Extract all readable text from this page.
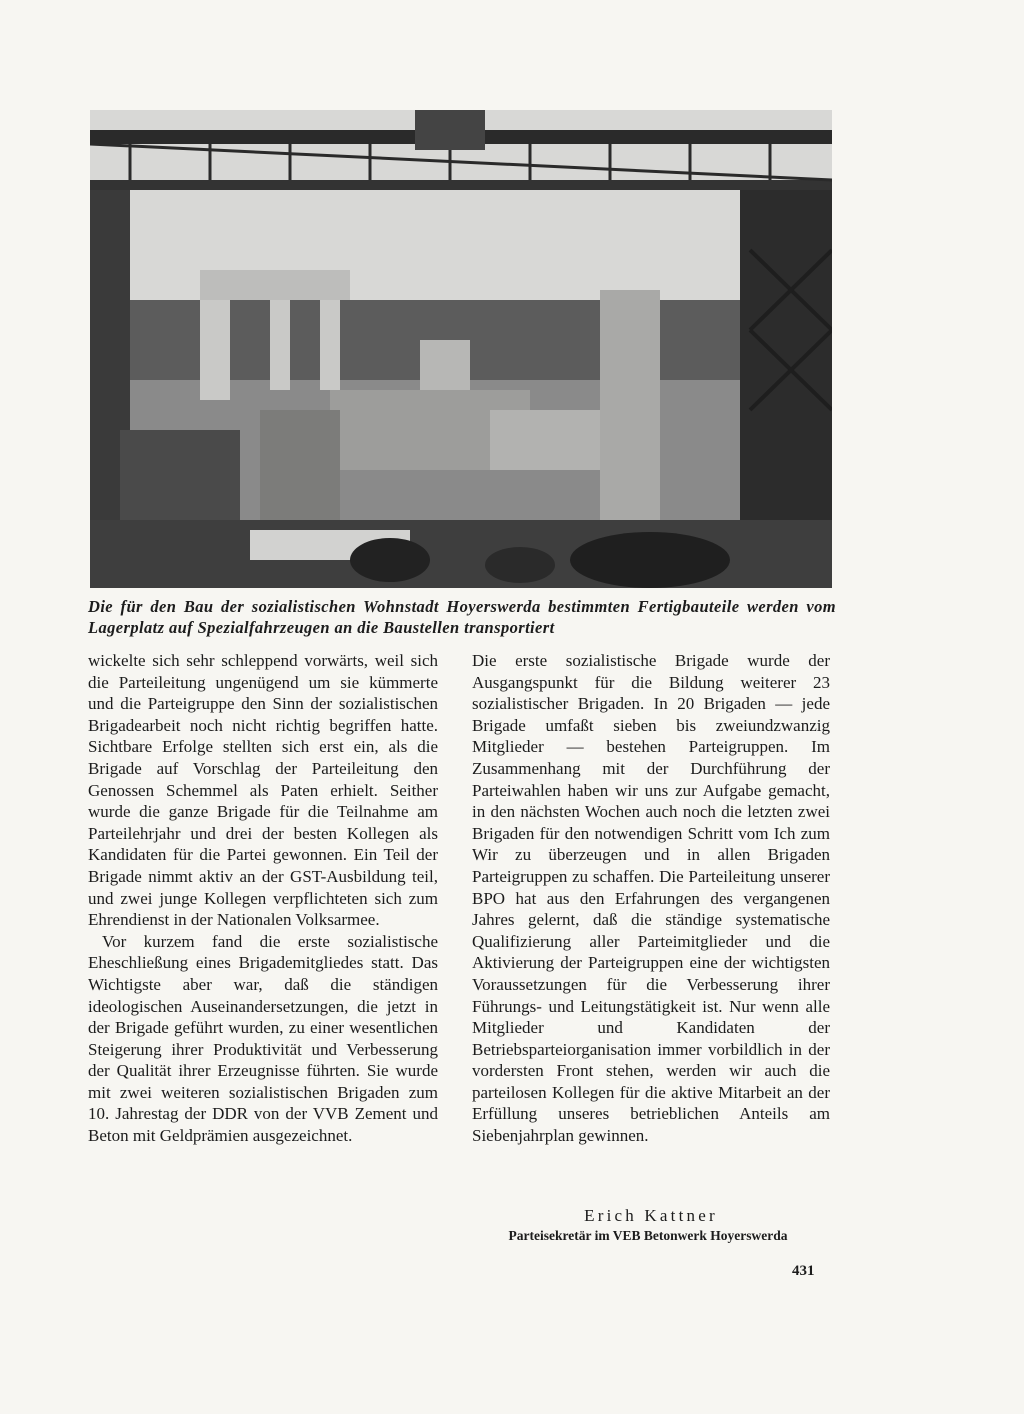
Die für den Bau der sozialistischen Wohnstadt Hoyerswerda bestimmten Fertigbauteile werden vom Lagerplatz auf Spezialfahrzeugen an die Baustellen transportiert

wickelte sich sehr schleppend vorwärts, weil sich die Parteileitung ungenügend um sie kümmerte und die Parteigruppe den Sinn der sozialistischen Brigadearbeit noch nicht richtig begriffen hatte. Sichtbare Erfolge stellten sich erst ein, als die Brigade auf Vorschlag der Parteileitung den Genossen Schemmel als Paten erhielt. Seither wurde die ganze Brigade für die Teilnahme am Parteilehrjahr und drei der besten Kollegen als Kandidaten für die Partei gewonnen. Ein Teil der Brigade nimmt aktiv an der GST-Ausbildung teil, und zwei junge Kollegen verpflichteten sich zum Ehrendienst in der Nationalen Volksarmee.

Vor kurzem fand die erste sozialistische Eheschließung eines Brigademitgliedes statt. Das Wichtigste aber war, daß die ständigen ideologischen Auseinandersetzungen, die jetzt in der Brigade geführt wurden, zu einer wesentlichen Steigerung ihrer Produktivität und Verbesserung der Qualität ihrer Erzeugnisse führten. Sie wurde mit zwei weiteren sozialistischen Brigaden zum 10. Jahrestag der DDR von der VVB Zement und Beton mit Geldprämien ausgezeichnet.

Die erste sozialistische Brigade wurde der Ausgangspunkt für die Bildung weiterer 23 sozialistischer Brigaden. In 20 Brigaden — jede Brigade umfaßt sieben bis zweiundzwanzig Mitglieder — bestehen Parteigruppen. Im Zusammenhang mit der Durchführung der Parteiwahlen haben wir uns zur Aufgabe gemacht, in den nächsten Wochen auch noch die letzten zwei Brigaden für den notwendigen Schritt vom Ich zum Wir zu überzeugen und in allen Brigaden Parteigruppen zu schaffen. Die Parteileitung unserer BPO hat aus den Erfahrungen des vergangenen Jahres gelernt, daß die ständige systematische Qualifizierung aller Parteimitglieder und die Aktivierung der Parteigruppen eine der wichtigsten Voraussetzungen für die Verbesserung ihrer Führungs- und Leitungstätigkeit ist. Nur wenn alle Mitglieder und Kandidaten der Betriebsparteiorganisation immer vorbildlich in der vordersten Front stehen, werden wir auch die parteilosen Kollegen für die aktive Mitarbeit an der Erfüllung unseres betrieblichen Anteils am Siebenjahrplan gewinnen.

Erich Kattner
Parteisekretär im VEB Betonwerk Hoyerswerda
431
